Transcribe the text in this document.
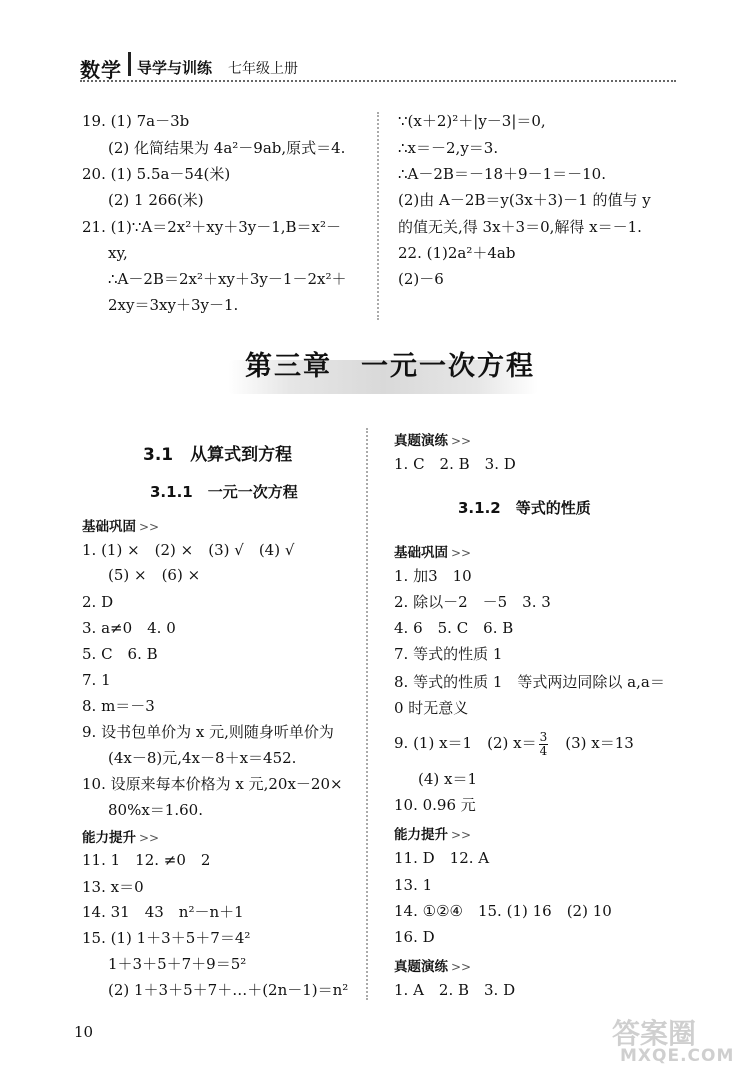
数学 导学与训练 七年级上册
19. (1) 7a－3b
(2) 化简结果为 4a²－9ab,原式＝4.
20. (1) 5.5a－54(米)
(2) 1 266(米)
21. (1)∵A＝2x²＋xy＋3y－1,B＝x²－
xy,
∴A－2B＝2x²＋xy＋3y－1－2x²＋
2xy＝3xy＋3y－1.
∵(x＋2)²＋|y－3|＝0,
∴x＝－2,y＝3.
∴A－2B＝－18＋9－1＝－10.
(2)由 A－2B＝y(3x＋3)－1 的值与 y
的值无关,得 3x＋3＝0,解得 x＝－1.
22. (1)2a²＋4ab
(2)－6
第三章　一元一次方程
3.1　从算式到方程
3.1.1　一元一次方程
基础巩固 >>
1. (1) ×　(2) ×　(3) √　(4) √
(5) ×　(6) ×
2. D
3. a≠0　4. 0
5. C　6. B
7. 1
8. m＝－3
9. 设书包单价为 x 元,则随身听单价为
(4x－8)元,4x－8＋x＝452.
10. 设原来每本价格为 x 元,20x－20×
80%x＝1.60.
能力提升 >>
11. 1　12. ≠0　2
13. x＝0
14. 31　43　n²－n＋1
15. (1) 1＋3＋5＋7＝4²
1＋3＋5＋7＋9＝5²
(2) 1＋3＋5＋7＋…＋(2n－1)＝n²
真题演练 >>
1. C　2. B　3. D
3.1.2　等式的性质
基础巩固 >>
1. 加3　10
2. 除以－2　－5　3. 3
4. 6　5. C　6. B
7. 等式的性质 1
8. 等式的性质 1　等式两边同除以 a,a＝
0 时无意义
9. (1) x＝1　(2) $x= \frac{3}{4}$ 　(3) x＝13
(4) x＝1
10. 0.96 元
能力提升 >>
11. D　12. A
13. 1
14. ①②④　15. (1) 16　(2) 10
16. D
真题演练 >>
1. A　2. B　3. D
10	答案圈
MXQE.COM
